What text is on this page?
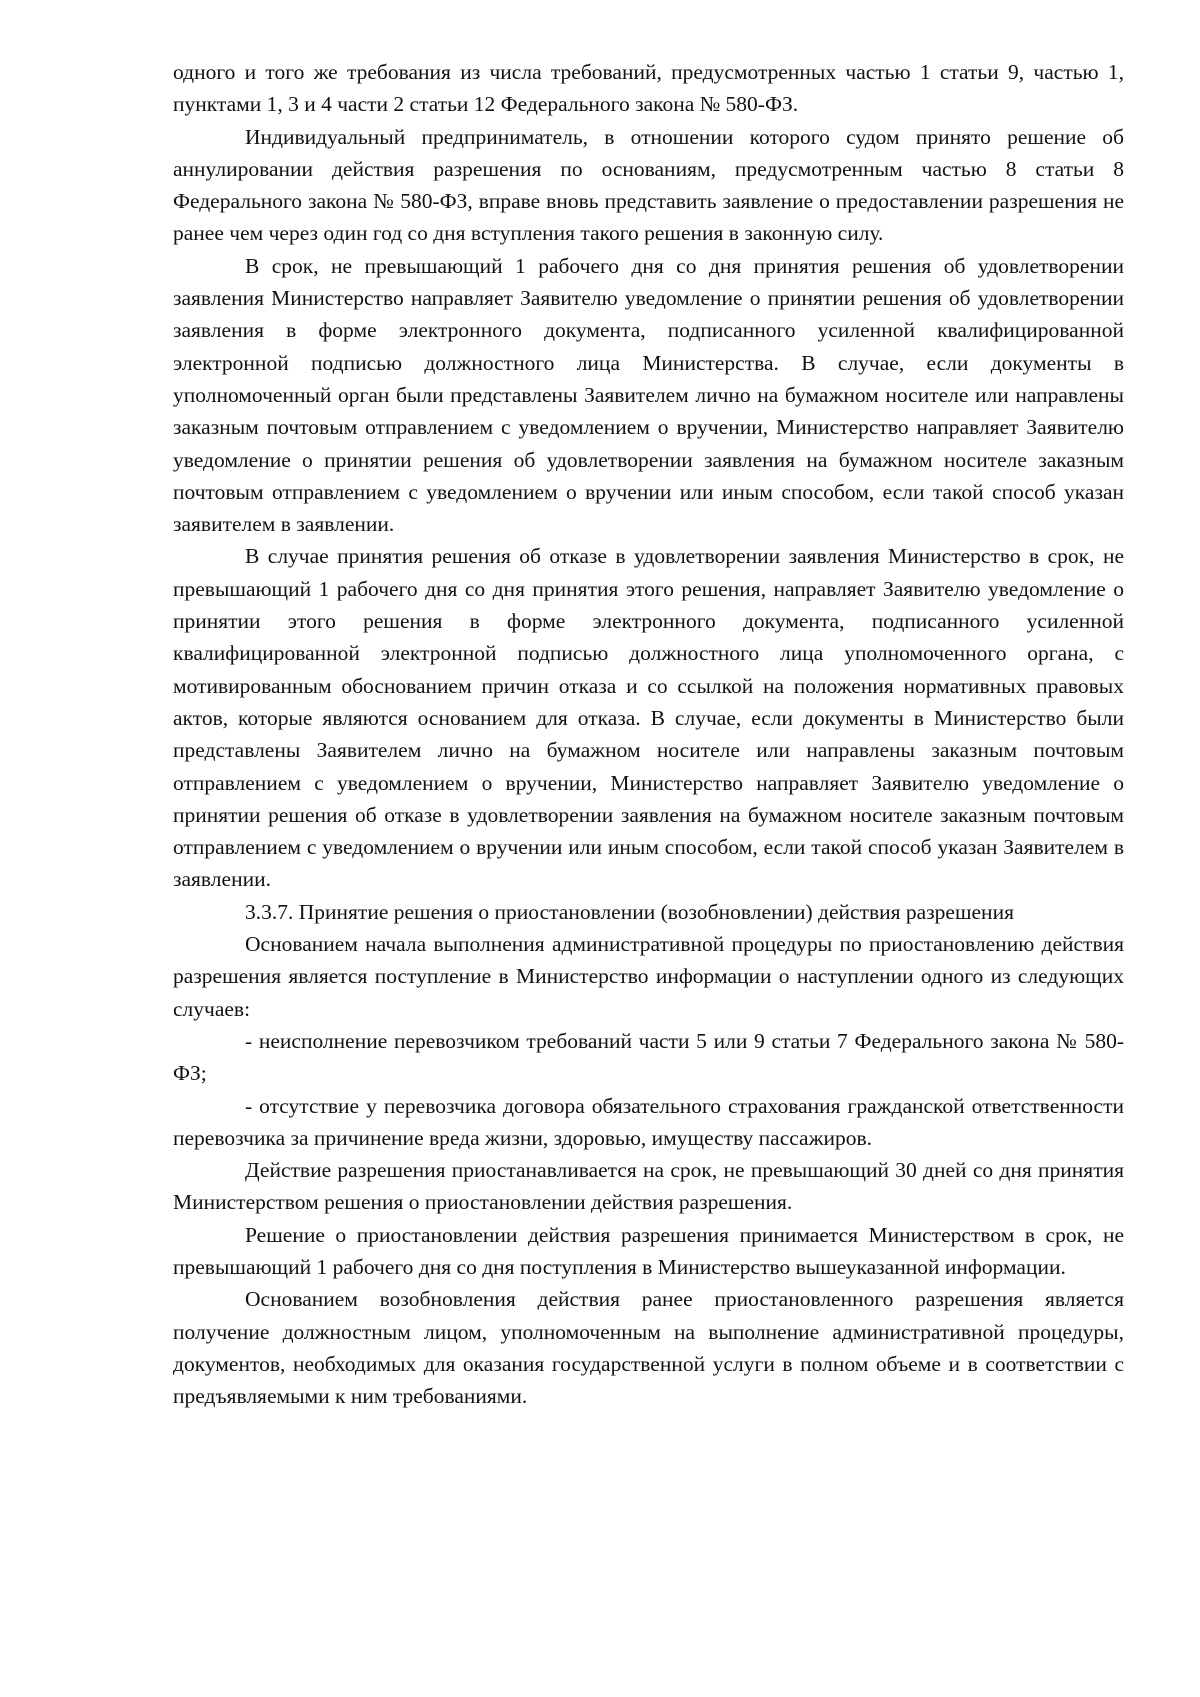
одного и того же требования из числа требований, предусмотренных частью 1 статьи 9, частью 1, пунктами 1, 3 и 4 части 2 статьи 12 Федерального закона № 580-ФЗ.

Индивидуальный предприниматель, в отношении которого судом принято решение об аннулировании действия разрешения по основаниям, предусмотренным частью 8 статьи 8 Федерального закона № 580-ФЗ, вправе вновь представить заявление о предоставлении разрешения не ранее чем через один год со дня вступления такого решения в законную силу.

В срок, не превышающий 1 рабочего дня со дня принятия решения об удовлетворении заявления Министерство направляет Заявителю уведомление о принятии решения об удовлетворении заявления в форме электронного документа, подписанного усиленной квалифицированной электронной подписью должностного лица Министерства. В случае, если документы в уполномоченный орган были представлены Заявителем лично на бумажном носителе или направлены заказным почтовым отправлением с уведомлением о вручении, Министерство направляет Заявителю уведомление о принятии решения об удовлетворении заявления на бумажном носителе заказным почтовым отправлением с уведомлением о вручении или иным способом, если такой способ указан заявителем в заявлении.

В случае принятия решения об отказе в удовлетворении заявления Министерство в срок, не превышающий 1 рабочего дня со дня принятия этого решения, направляет Заявителю уведомление о принятии этого решения в форме электронного документа, подписанного усиленной квалифицированной электронной подписью должностного лица уполномоченного органа, с мотивированным обоснованием причин отказа и со ссылкой на положения нормативных правовых актов, которые являются основанием для отказа. В случае, если документы в Министерство были представлены Заявителем лично на бумажном носителе или направлены заказным почтовым отправлением с уведомлением о вручении, Министерство направляет Заявителю уведомление о принятии решения об отказе в удовлетворении заявления на бумажном носителе заказным почтовым отправлением с уведомлением о вручении или иным способом, если такой способ указан Заявителем в заявлении.

3.3.7. Принятие решения о приостановлении (возобновлении) действия разрешения

Основанием начала выполнения административной процедуры по приостановлению действия разрешения является поступление в Министерство информации о наступлении одного из следующих случаев:

- неисполнение перевозчиком требований части 5 или 9 статьи 7 Федерального закона № 580-ФЗ;

- отсутствие у перевозчика договора обязательного страхования гражданской ответственности перевозчика за причинение вреда жизни, здоровью, имуществу пассажиров.

Действие разрешения приостанавливается на срок, не превышающий 30 дней со дня принятия Министерством решения о приостановлении действия разрешения.

Решение о приостановлении действия разрешения принимается Министерством в срок, не превышающий 1 рабочего дня со дня поступления в Министерство вышеуказанной информации.

Основанием возобновления действия ранее приостановленного разрешения является получение должностным лицом, уполномоченным на выполнение административной процедуры, документов, необходимых для оказания государственной услуги в полном объеме и в соответствии с предъявляемыми к ним требованиями.
